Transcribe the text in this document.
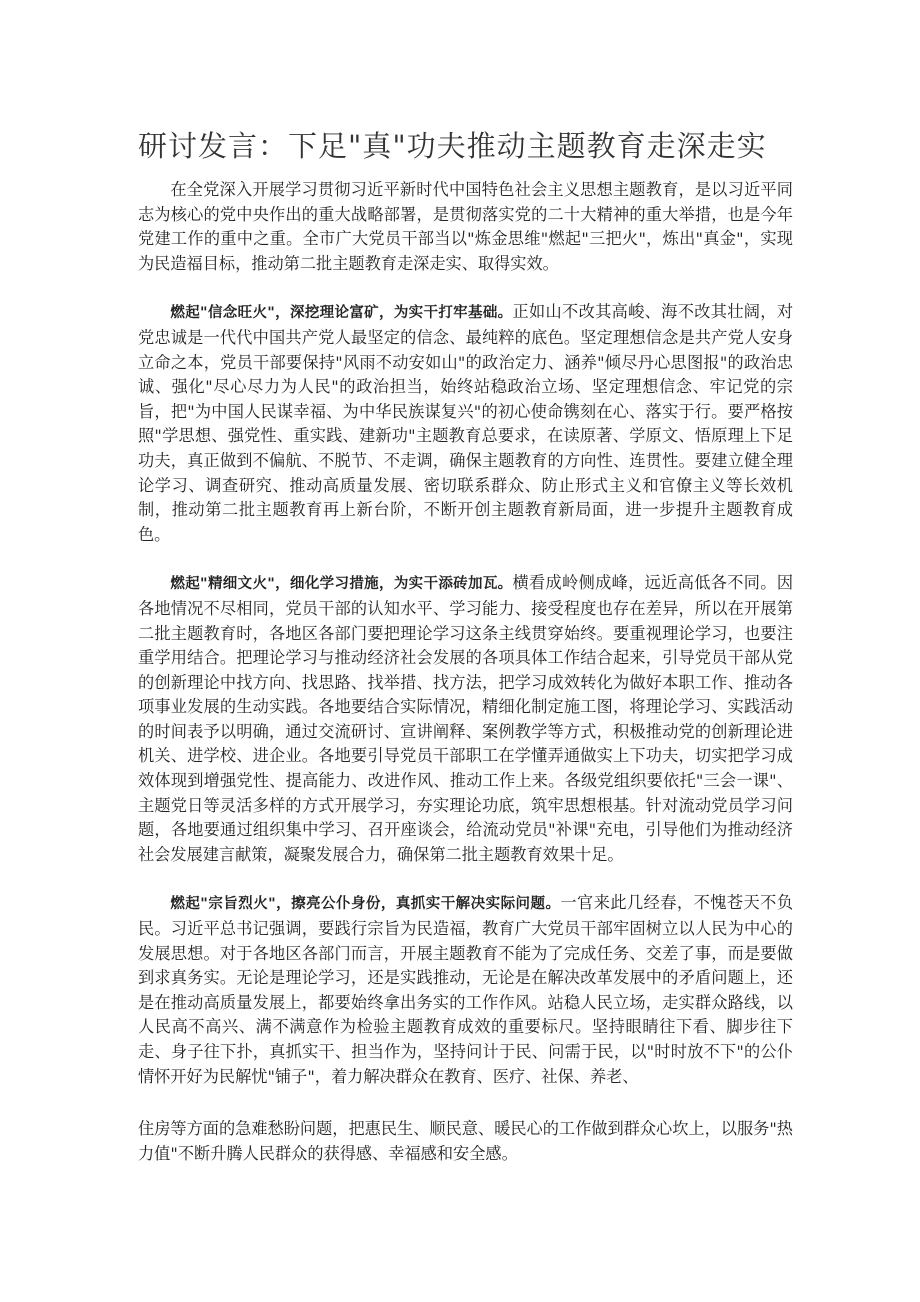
研讨发言：下足"真"功夫推动主题教育走深走实

在全党深入开展学习贯彻习近平新时代中国特色社会主义思想主题教育，是以习近平同志为核心的党中央作出的重大战略部署，是贯彻落实党的二十大精神的重大举措，也是今年党建工作的重中之重。全市广大党员干部当以"炼金思维"燃起"三把火"，炼出"真金"，实现为民造福目标，推动第二批主题教育走深走实、取得实效。

燃起"信念旺火"，深挖理论富矿，为实干打牢基础。正如山不改其高峻、海不改其壮阔，对党忠诚是一代代中国共产党人最坚定的信念、最纯粹的底色。坚定理想信念是共产党人安身立命之本，党员干部要保持"风雨不动安如山"的政治定力、涵养"倾尽丹心思图报"的政治忠诚、强化"尽心尽力为人民"的政治担当，始终站稳政治立场、坚定理想信念、牢记党的宗旨，把"为中国人民谋幸福、为中华民族谋复兴"的初心使命镌刻在心、落实于行。要严格按照"学思想、强党性、重实践、建新功"主题教育总要求，在读原著、学原文、悟原理上下足功夫，真正做到不偏航、不脱节、不走调，确保主题教育的方向性、连贯性。要建立健全理论学习、调查研究、推动高质量发展、密切联系群众、防止形式主义和官僚主义等长效机制，推动第二批主题教育再上新台阶，不断开创主题教育新局面，进一步提升主题教育成色。

燃起"精细文火"，细化学习措施，为实干添砖加瓦。横看成岭侧成峰，远近高低各不同。因各地情况不尽相同，党员干部的认知水平、学习能力、接受程度也存在差异，所以在开展第二批主题教育时，各地区各部门要把理论学习这条主线贯穿始终。要重视理论学习，也要注重学用结合。把理论学习与推动经济社会发展的各项具体工作结合起来，引导党员干部从党的创新理论中找方向、找思路、找举措、找方法，把学习成效转化为做好本职工作、推动各项事业发展的生动实践。各地要结合实际情况，精细化制定施工图，将理论学习、实践活动的时间表予以明确，通过交流研讨、宣讲阐释、案例教学等方式，积极推动党的创新理论进机关、进学校、进企业。各地要引导党员干部职工在学懂弄通做实上下功夫，切实把学习成效体现到增强党性、提高能力、改进作风、推动工作上来。各级党组织要依托"三会一课"、主题党日等灵活多样的方式开展学习，夯实理论功底，筑牢思想根基。针对流动党员学习问题，各地要通过组织集中学习、召开座谈会，给流动党员"补课"充电，引导他们为推动经济社会发展建言献策，凝聚发展合力，确保第二批主题教育效果十足。

燃起"宗旨烈火"，擦亮公仆身份，真抓实干解决实际问题。一官来此几经春，不愧苍天不负民。习近平总书记强调，要践行宗旨为民造福，教育广大党员干部牢固树立以人民为中心的发展思想。对于各地区各部门而言，开展主题教育不能为了完成任务、交差了事，而是要做到求真务实。无论是理论学习，还是实践推动，无论是在解决改革发展中的矛盾问题上，还是在推动高质量发展上，都要始终拿出务实的工作作风。站稳人民立场，走实群众路线，以人民高不高兴、满不满意作为检验主题教育成效的重要标尺。坚持眼睛往下看、脚步往下走、身子往下扑，真抓实干、担当作为，坚持问计于民、问需于民，以"时时放不下"的公仆情怀开好为民解忧"铺子"，着力解决群众在教育、医疗、社保、养老、

住房等方面的急难愁盼问题，把惠民生、顺民意、暖民心的工作做到群众心坎上，以服务"热力值"不断升腾人民群众的获得感、幸福感和安全感。
